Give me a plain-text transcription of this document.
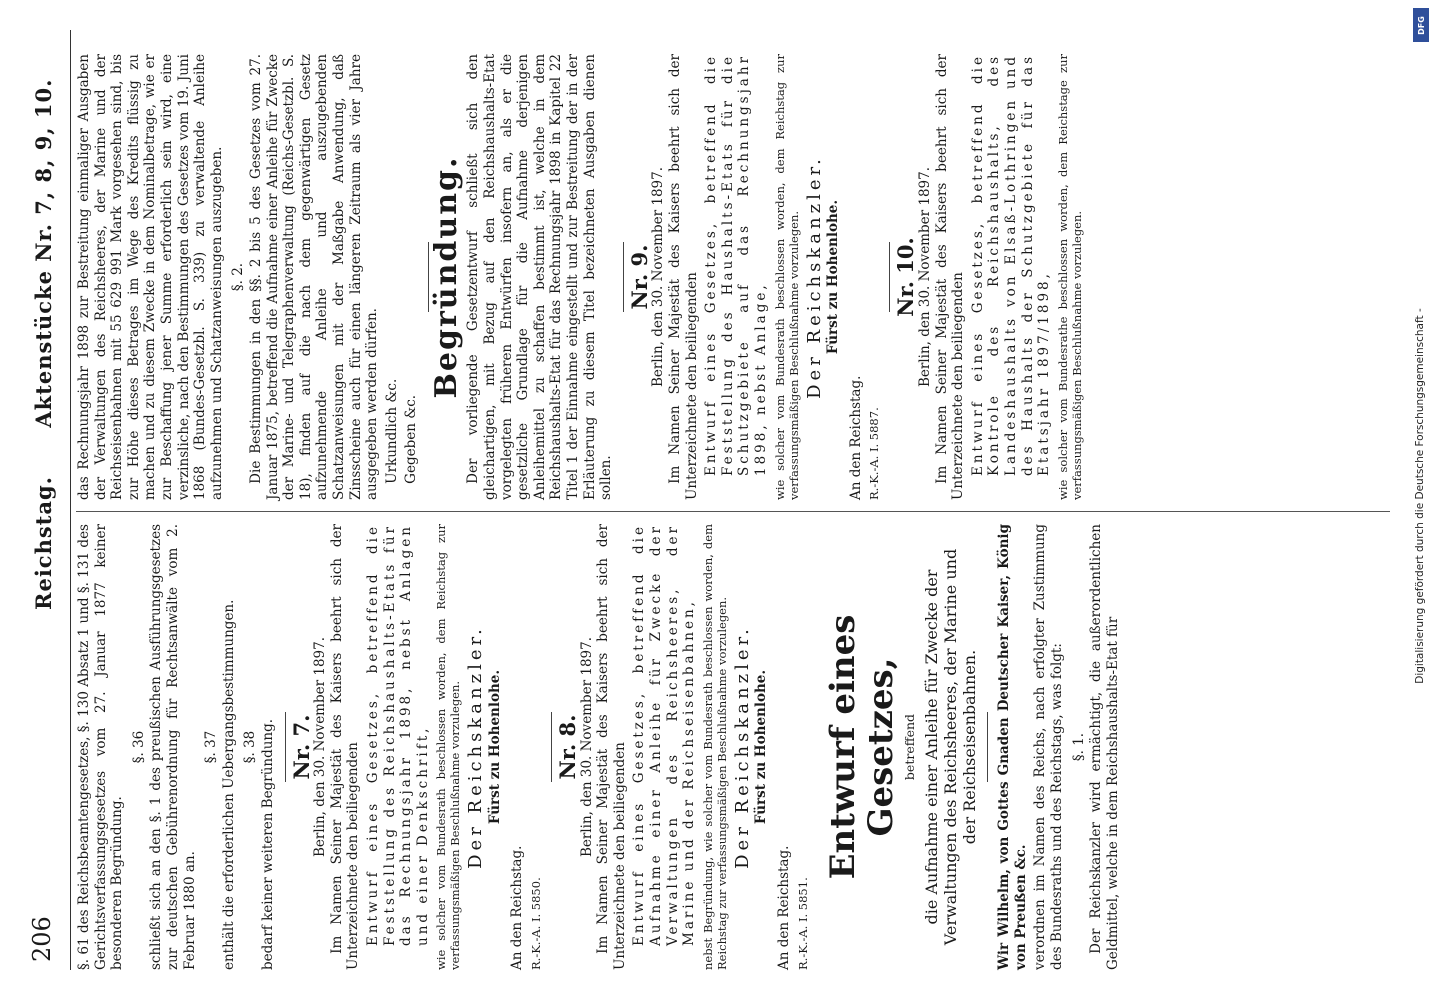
206
Reichstag. Aktenstücke Nr. 7, 8, 9, 10.

§. 61 des Reichsbeamtengesetzes, §. 130 Absatz 1 und §. 131 des Gerichtsverfassungsgesetzes vom 27. Januar 1877 keiner besonderen Begründung.

§. 36 schließt sich an den §. 1 des preußischen Ausführungsgesetzes zur deutschen Gebührenordnung für Rechtsanwälte vom 2. Februar 1880 an.

§. 37 enthält die erforderlichen Uebergangsbestimmungen. §. 38 bedarf keiner weiteren Begründung. Nr. 7.
Berlin, den 30. November 1897. Im Namen Seiner Majestät des Kaisers beehrt sich der Unterzeichnete den beiliegenden Entwurf eines Gesetzes, betreffend die Feststellung des Reichshaushalts-Etats für das Rechnungsjahr 1898, nebst Anlagen und einer Denkschrift, wie solcher vom Bundesrath beschlossen worden, dem Reichstag zur verfassungsmäßigen Beschlußnahme vorzulegen. Der Reichskanzler. Fürst zu Hohenlohe.

An den Reichstag. R.-K.-A. I. 5850.

Nr. 8.
Berlin, den 30. November 1897. Im Namen Seiner Majestät des Kaisers beehrt sich der Unterzeichnete den beiliegenden Entwurf eines Gesetzes, betreffend die Aufnahme einer Anleihe für Zwecke der Verwaltungen des Reichsheeres, der Marine und der Reichseisenbahnen, nebst Begründung, wie solcher vom Bundesrath beschlossen worden, dem Reichstag zur verfassungsmäßigen Beschlußnahme vorzulegen. Der Reichskanzler. Fürst zu Hohenlohe.

An den Reichstag. R.-K.-A. I. 5851.

Entwurf eines Gesetzes, betreffend die Aufnahme einer Anleihe für Zwecke der Verwaltungen des Reichsheeres, der Marine und der Reichseisenbahnen.

Wir Wilhelm, von Gottes Gnaden Deutscher Kaiser, König von Preußen &c. verordnen im Namen des Reichs, nach erfolgter Zustimmung des Bundesraths und des Reichstags, was folgt: §. 1. Der Reichskanzler wird ermächtigt, die außerordentlichen Geldmittel, welche in dem Reichshaushalts-Etat für

das Rechnungsjahr 1898 zur Bestreitung einmaliger Ausgaben der Verwaltungen des Reichsheeres, der Marine und der Reichseisenbahnen mit 55 629 991 Mark vorgesehen sind, bis zur Höhe dieses Betrages im Wege des Kredits flüssig zu machen und zu diesem Zwecke in dem Nominalbetrage, wie er zur Beschaffung jener Summe erforderlich sein wird, eine verzinsliche, nach den Bestimmungen des Gesetzes vom 19. Juni 1868 (Bundes-Gesetzbl. S. 339) zu verwaltende Anleihe aufzunehmen und Schatzanweisungen auszugeben. §. 2. Die Bestimmungen in den §§. 2 bis 5 des Gesetzes vom 27. Januar 1875, betreffend die Aufnahme einer Anleihe für Zwecke der Marine- und Telegraphenverwaltung (Reichs-Gesetzbl. S. 18), finden auf die nach dem gegenwärtigen Gesetz aufzunehmende Anleihe und auszugebenden Schatzanweisungen mit der Maßgabe Anwendung, daß Zinsscheine auch für einen längeren Zeitraum als vier Jahre ausgegeben werden dürfen. Urkundlich &c. Gegeben &c.

Begründung. Der vorliegende Gesetzentwurf schließt sich den gleichartigen, mit Bezug auf den Reichshaushalts-Etat vorgelegten früheren Entwürfen insofern an, als er die gesetzliche Grundlage für die Aufnahme derjenigen Anleihemittel zu schaffen bestimmt ist, welche in dem Reichshaushalts-Etat für das Rechnungsjahr 1898 in Kapitel 22 Titel 1 der Einnahme eingestellt und zur Bestreitung der in der Erläuterung zu diesem Titel bezeichneten Ausgaben dienen sollen.

Nr. 9.
Berlin, den 30. November 1897. Im Namen Seiner Majestät des Kaisers beehrt sich der Unterzeichnete den beiliegenden Entwurf eines Gesetzes, betreffend die Feststellung des Haushalts-Etats für die Schutzgebiete auf das Rechnungsjahr 1898, nebst Anlage, wie solcher vom Bundesrath beschlossen worden, dem Reichstag zur verfassungsmäßigen Beschlußnahme vorzulegen. Der Reichskanzler. Fürst zu Hohenlohe.

An den Reichstag. R.-K.-A. I. 5887.

Nr. 10.
Berlin, den 30. November 1897. Im Namen Seiner Majestät des Kaisers beehrt sich der Unterzeichnete den beiliegenden Entwurf eines Gesetzes, betreffend die Kontrole des Reichshaushalts, des Landeshaushalts von Elsaß-Lothringen und des Haushalts der Schutzgebiete für das Etatsjahr 1897/1898, wie solcher vom Bundesrathe beschlossen worden, dem Reichstage zur verfassungsmäßigen Beschlußnahme vorzulegen.

DFG
Digitalisierung gefördert durch die Deutsche Forschungsgemeinschaft -
